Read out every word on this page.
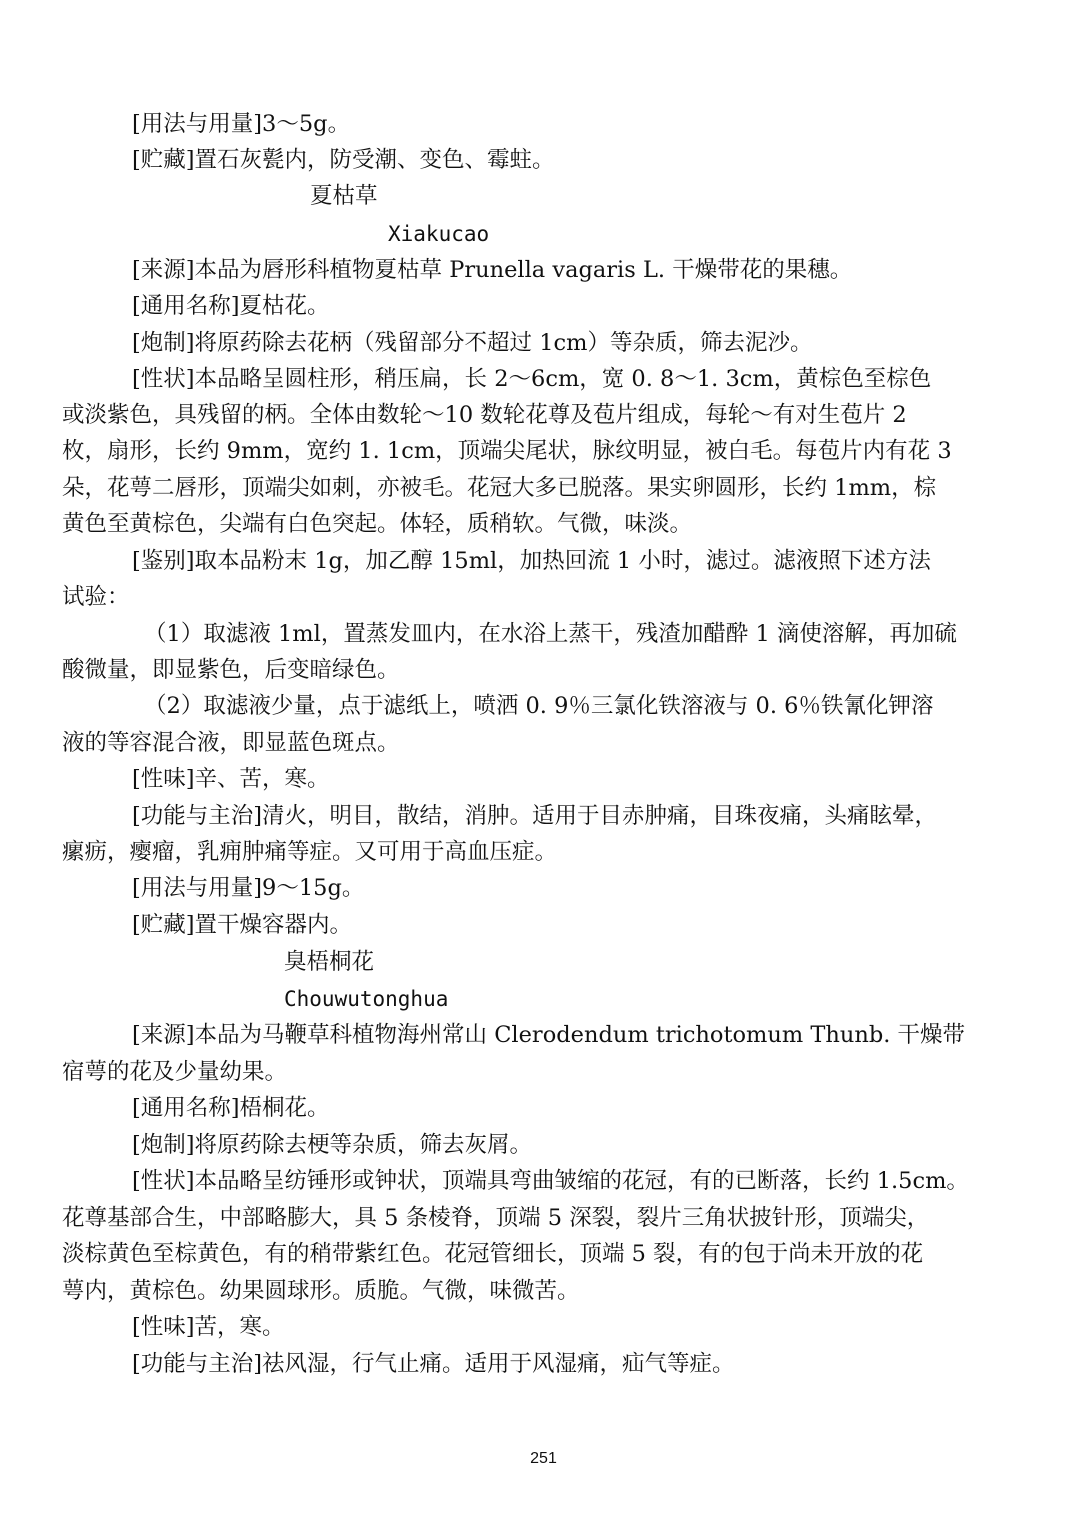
[用法与用量]3～5g。
[贮藏]置石灰甏内，防受潮、变色、霉蛀。
夏枯草
Xiakucao
[来源]本品为唇形科植物夏枯草 Prunella vagaris L. 干燥带花的果穗。
[通用名称]夏枯花。
[炮制]将原药除去花柄（残留部分不超过 1cm）等杂质，筛去泥沙。
[性状]本品略呈圆柱形，稍压扁，长 2～6cm，宽 0. 8～1. 3cm，黄棕色至棕色
或淡紫色，具残留的柄。全体由数轮～10 数轮花尊及苞片组成，每轮～有对生苞片 2
枚，扇形，长约 9mm，宽约 1. 1cm，顶端尖尾状，脉纹明显，被白毛。每苞片内有花 3
朵，花萼二唇形，顶端尖如刺，亦被毛。花冠大多已脱落。果实卵圆形，长约 1mm，棕
黄色至黄棕色，尖端有白色突起。体轻，质稍软。气微，味淡。
[鉴别]取本品粉末 1g，加乙醇 15ml，加热回流 1 小时，滤过。滤液照下述方法
试验：
（1）取滤液 1ml，置蒸发皿内，在水浴上蒸干，残渣加醋酔 1 滴使溶解，再加硫
酸微量，即显紫色，后变暗绿色。
（2）取滤液少量，点于滤纸上，喷洒 0. 9％三氯化铁溶液与 0. 6％铁氰化钾溶
液的等容混合液，即显蓝色斑点。
[性味]辛、苦，寒。
[功能与主治]清火，明目，散结，消肿。适用于目赤肿痛，目珠夜痛，头痛眩晕，
瘰疬，瘿瘤，乳痈肿痛等症。又可用于高血压症。
[用法与用量]9～15g。
[贮藏]置干燥容器内。
臭梧桐花
Chouwutonghua
[来源]本品为马鞭草科植物海州常山 Clerodendum trichotomum Thunb. 干燥带
宿萼的花及少量幼果。
[通用名称]梧桐花。
[炮制]将原药除去梗等杂质，筛去灰屑。
[性状]本品略呈纺锤形或钟状，顶端具弯曲皱缩的花冠，有的已断落，长约 1.5cm。
花尊基部合生，中部略膨大，具 5 条棱脊，顶端 5 深裂，裂片三角状披针形，顶端尖，
淡棕黄色至棕黄色，有的稍带紫红色。花冠管细长，顶端 5 裂，有的包于尚未开放的花
萼内，黄棕色。幼果圆球形。质脆。气微，味微苦。
[性味]苦，寒。
[功能与主治]祛风湿，行气止痛。适用于风湿痛，疝气等症。
251
